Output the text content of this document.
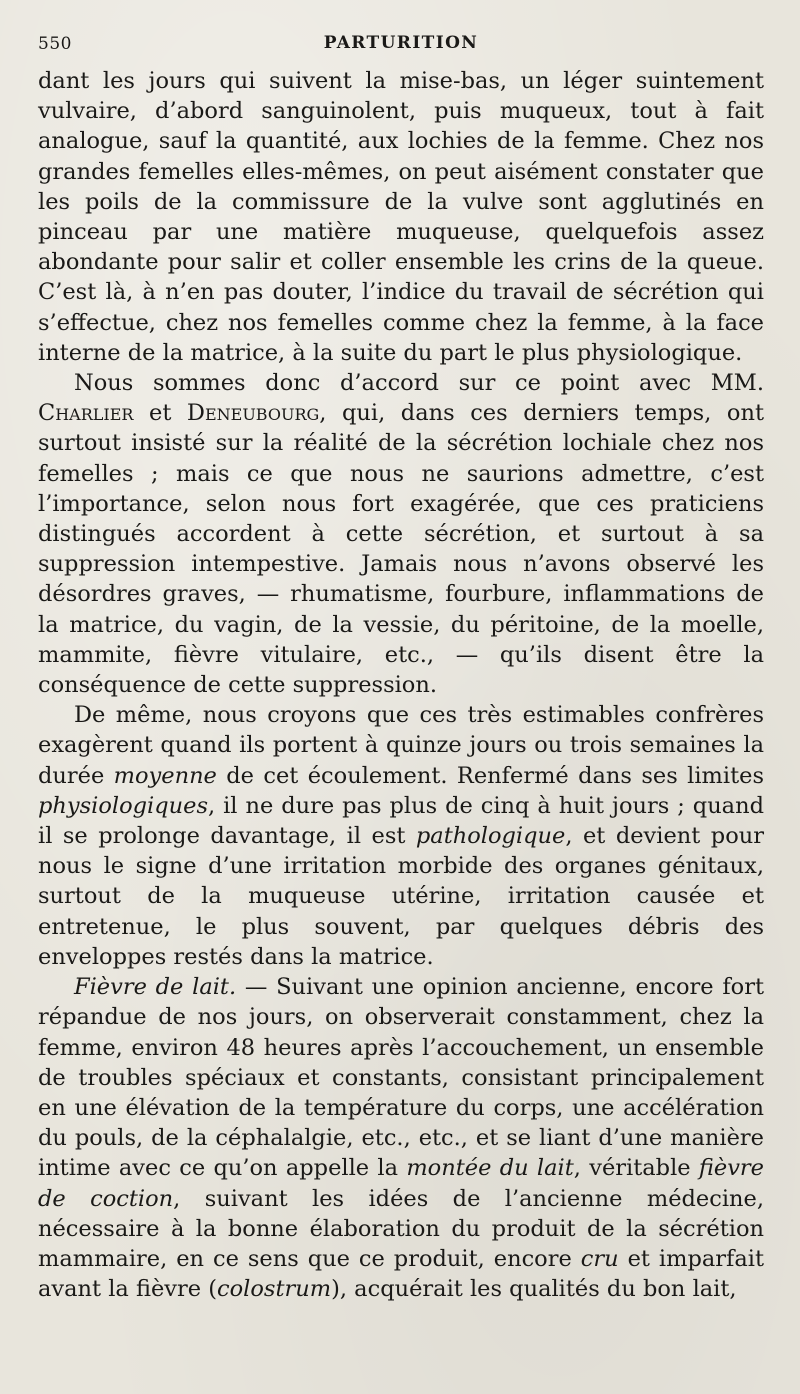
550	PARTURITION

dant les jours qui suivent la mise-bas, un léger suintement vulvaire, d’abord sanguinolent, puis muqueux, tout à fait analogue, sauf la quantité, aux lochies de la femme. Chez nos grandes femelles elles-mêmes, on peut aisément constater que les poils de la commissure de la vulve sont agglutinés en pinceau par une matière muqueuse, quelquefois assez abondante pour salir et coller ensemble les crins de la queue. C’est là, à n’en pas douter, l’indice du travail de sécrétion qui s’effectue, chez nos femelles comme chez la femme, à la face interne de la matrice, à la suite du part le plus physiologique.

Nous sommes donc d’accord sur ce point avec MM. Charlier et Deneubourg, qui, dans ces derniers temps, ont surtout insisté sur la réalité de la sécrétion lochiale chez nos femelles ; mais ce que nous ne saurions admettre, c’est l’importance, selon nous fort exagérée, que ces praticiens distingués accordent à cette sécrétion, et surtout à sa suppression intempestive. Jamais nous n’avons observé les désordres graves, — rhumatisme, fourbure, inflammations de la matrice, du vagin, de la vessie, du péritoine, de la moelle, mammite, fièvre vitulaire, etc., — qu’ils disent être la conséquence de cette suppression.

De même, nous croyons que ces très estimables confrères exagèrent quand ils portent à quinze jours ou trois semaines la durée moyenne de cet écoulement. Renfermé dans ses limites physiologiques, il ne dure pas plus de cinq à huit jours ; quand il se prolonge davantage, il est pathologique, et devient pour nous le signe d’une irritation morbide des organes génitaux, surtout de la muqueuse utérine, irritation causée et entretenue, le plus souvent, par quelques débris des enveloppes restés dans la matrice.

Fièvre de lait. — Suivant une opinion ancienne, encore fort répandue de nos jours, on observerait constamment, chez la femme, environ 48 heures après l’accouchement, un ensemble de troubles spéciaux et constants, consistant principalement en une élévation de la température du corps, une accélération du pouls, de la céphalalgie, etc., etc., et se liant d’une manière intime avec ce qu’on appelle la montée du lait, véritable fièvre de coction, suivant les idées de l’ancienne médecine, nécessaire à la bonne élaboration du produit de la sécrétion mammaire, en ce sens que ce produit, encore cru et imparfait avant la fièvre (colostrum), acquérait les qualités du bon lait,
